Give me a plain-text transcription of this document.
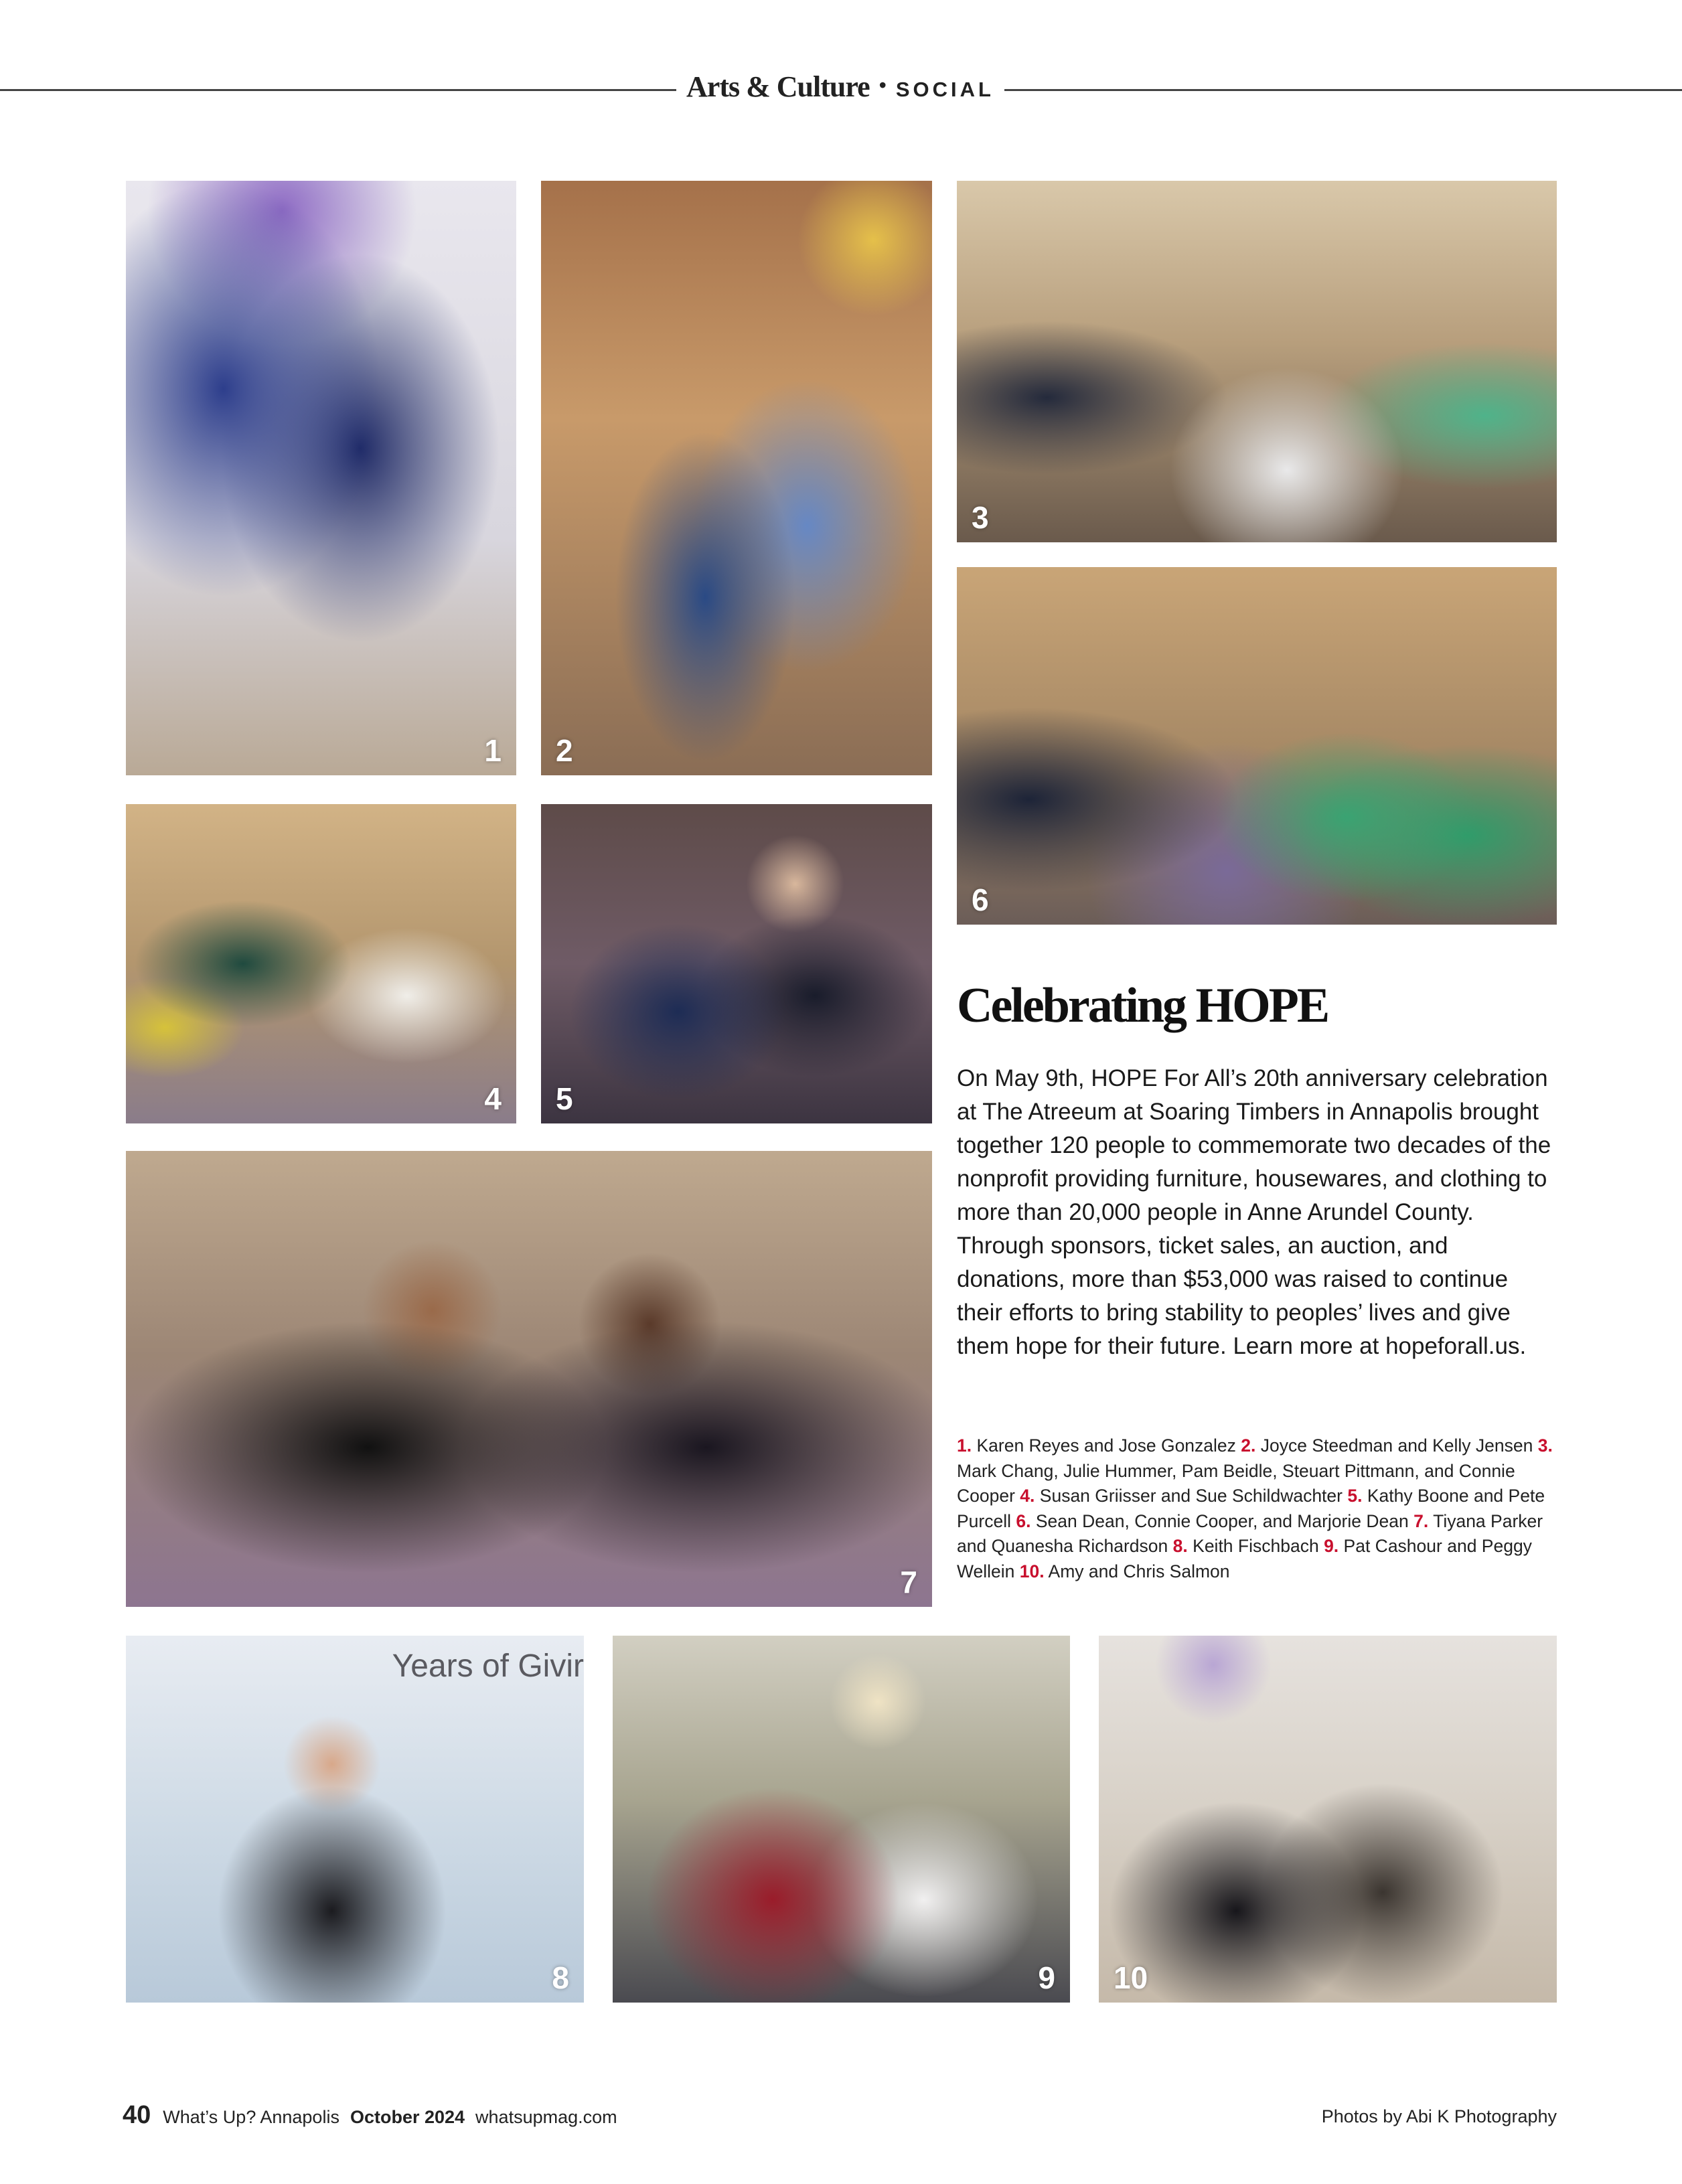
Arts & Culture • SOCIAL
1 2
3
6
4 5
7
Years of Givir
8	9 10
Celebrating HOPE
On May 9th, HOPE For All’s 20th anniversary celebration at The Atreeum at Soaring Timbers in Annapolis brought together 120 people to commemorate two decades of the nonprofit providing furniture, housewares, and clothing to more than 20,000 people in Anne Arundel County. Through sponsors, ticket sales, an auction, and donations, more than $53,000 was raised to continue their efforts to bring stability to peoples’ lives and give them hope for their future. Learn more at hopeforall.us.
1. Karen Reyes and Jose Gonzalez 2. Joyce Steedman and Kelly Jensen 3. Mark Chang, Julie Hummer, Pam Beidle, Steuart Pittmann, and Connie Cooper 4. Susan Griisser and Sue Schildwachter 5. Kathy Boone and Pete Purcell 6. Sean Dean, Connie Cooper, and Marjorie Dean 7. Tiyana Parker and Quanesha Richardson 8. Keith Fischbach 9. Pat Cashour and Peggy Wellein 10. Amy and Chris Salmon
40 What’s Up? Annapolis October 2024 whatsupmag.com	Photos by Abi K Photography
